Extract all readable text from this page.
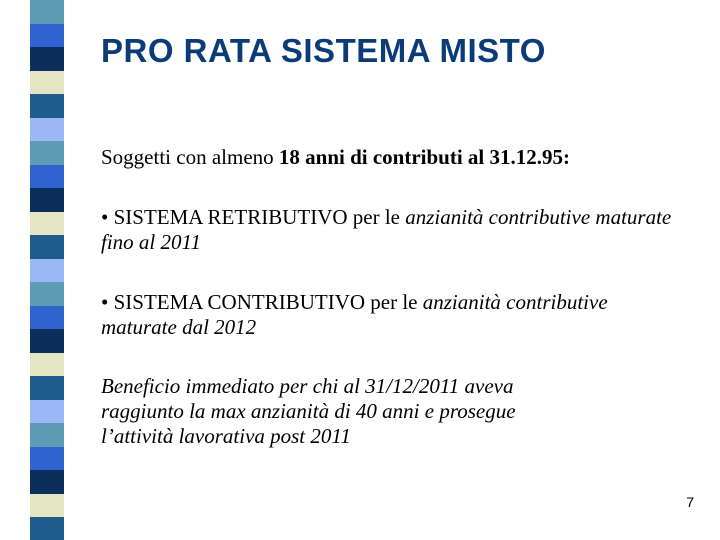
PRO RATA SISTEMA MISTO

Soggetti con almeno 18 anni di contributi al 31.12.95:

• SISTEMA RETRIBUTIVO per le anzianità contributive maturate fino al 2011

• SISTEMA CONTRIBUTIVO per le anzianità contributive maturate dal 2012

Beneficio immediato per chi al 31/12/2011 aveva
raggiunto la max anzianità di 40 anni e prosegue
l’attività lavorativa post 2011

7
